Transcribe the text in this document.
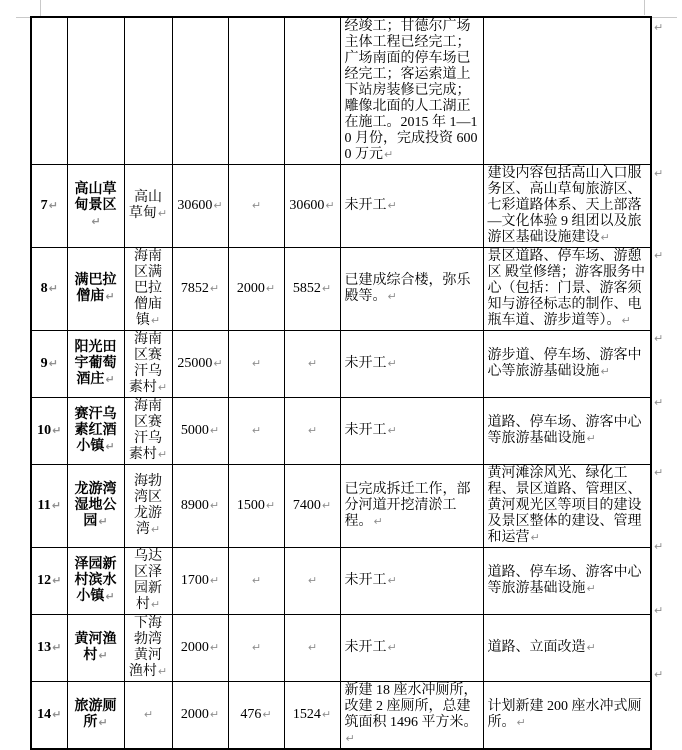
						经竣工；甘德尔广场主体工程已经完工；广场南面的停车场已经完工；客运索道上下站房装修已完成；雕像北面的人工湖正在施工。2015 年 1—10 月份，完成投资 6000 万元↵	
7↵	高山草甸景区↵	高山草甸↵	30600↵	↵	30600↵	未开工↵	建设内容包括高山入口服务区、高山草甸旅游区、七彩道路体系、天上部落—文化体验 9 组团以及旅游区基础设施建设↵
8↵	满巴拉僧庙↵	海南区满巴拉僧庙镇↵	7852↵	2000↵	5852↵	已建成综合楼，弥乐殿等。↵	景区道路、停车场、游憩区 殿堂修缮；游客服务中心（包括：门景、游客须知与游径标志的制作、电瓶车道、游步道等）。↵
9↵	阳光田宇葡萄酒庄↵	海南区赛汗乌素村↵	25000↵	↵	↵	未开工↵	游步道、停车场、游客中心等旅游基础设施↵
10↵	赛汗乌素红酒小镇↵	海南区赛汗乌素村↵	5000↵	↵	↵	未开工↵	道路、停车场、游客中心等旅游基础设施↵
11↵	龙游湾湿地公园↵	海勃湾区龙游湾↵	8900↵	1500↵	7400↵	已完成拆迁工作，部分河道开挖清淤工程。↵	黄河滩涂风光、绿化工程、景区道路、管理区、黄河观光区等项目的建设及景区整体的建设、管理和运营↵
12↵	泽园新村滨水小镇↵	乌达区泽园新村↵	1700↵	↵	↵	未开工↵	道路、停车场、游客中心等旅游基础设施↵
13↵	黄河渔村↵	下海勃湾黄河渔村↵	2000↵	↵	↵	未开工↵	道路、立面改造↵
14↵	旅游厕所↵	↵	2000↵	476↵	1524↵	新建 18 座水冲厕所，改建 2 座厕所，总建筑面积 1496 平方米。↵	计划新建 200 座水冲式厕所。↵
↵
↵
↵
↵
↵
↵
↵
↵
↵
